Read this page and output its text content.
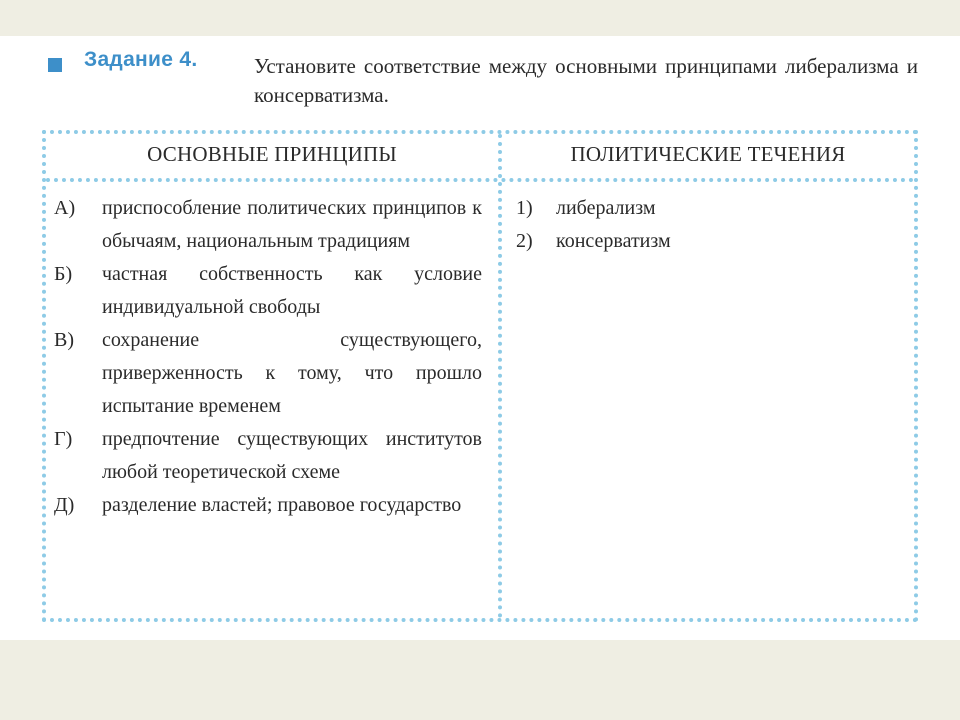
Задание 4.	Установите соответствие между основными принципами либерализма и консерватизма.
ОСНОВНЫЕ ПРИНЦИПЫ	ПОЛИТИЧЕСКИЕ ТЕЧЕНИЯ
А) приспособление политических принципов к обычаям, национальным традициям
Б) частная собственность как условие индивидуальной свободы
В) сохранение существующего, приверженность к тому, что прошло испытание временем
Г) предпочтение существующих институтов любой теоретической схеме
Д) разделение властей; правовое государство
1) либерализм
2) консерватизм
